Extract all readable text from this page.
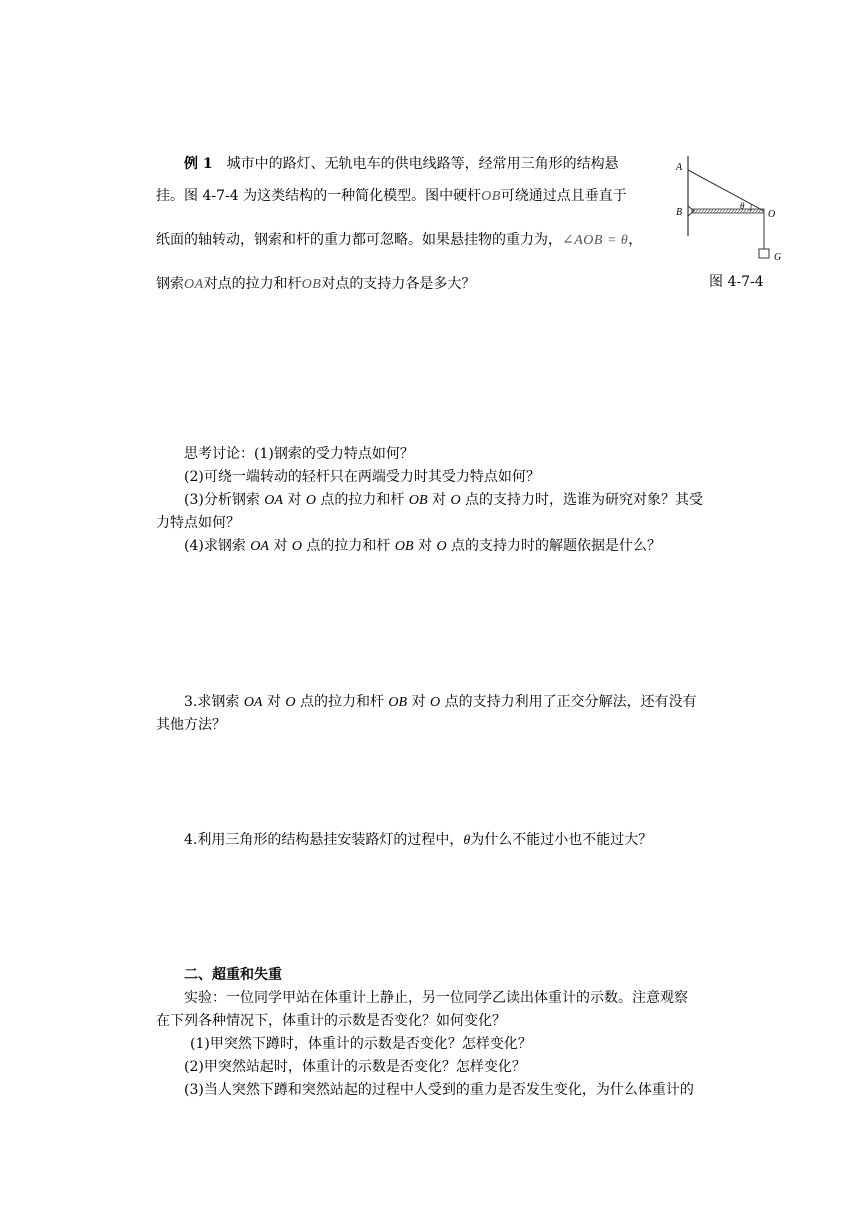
例 1 城市中的路灯、无轨电车的供电线路等，经常用三角形的结构悬
挂。图 4-7-4 为这类结构的一种简化模型。图中硬杆OB可绕通过点且垂直于
纸面的轴转动，钢索和杆的重力都可忽略。如果悬挂物的重力为，∠AOB = θ，
钢索OA对点的拉力和杆OB对点的支持力各是多大？
A
B	O
G
θ
图 4-7-4
思考讨论：(1)钢索的受力特点如何？
(2)可绕一端转动的轻杆只在两端受力时其受力特点如何？
(3)分析钢索 OA 对 O 点的拉力和杆 OB 对 O 点的支持力时，选谁为研究对象？其受
力特点如何？
(4)求钢索 OA 对 O 点的拉力和杆 OB 对 O 点的支持力时的解题依据是什么？
3.求钢索 OA 对 O 点的拉力和杆 OB 对 O 点的支持力利用了正交分解法，还有没有
其他方法？
4.利用三角形的结构悬挂安装路灯的过程中，θ为什么不能过小也不能过大？
二、超重和失重
实验：一位同学甲站在体重计上静止，另一位同学乙读出体重计的示数。注意观察
在下列各种情况下，体重计的示数是否变化？如何变化？
(1)甲突然下蹲时，体重计的示数是否变化？怎样变化？
(2)甲突然站起时，体重计的示数是否变化？怎样变化？
(3)当人突然下蹲和突然站起的过程中人受到的重力是否发生变化，为什么体重计的
